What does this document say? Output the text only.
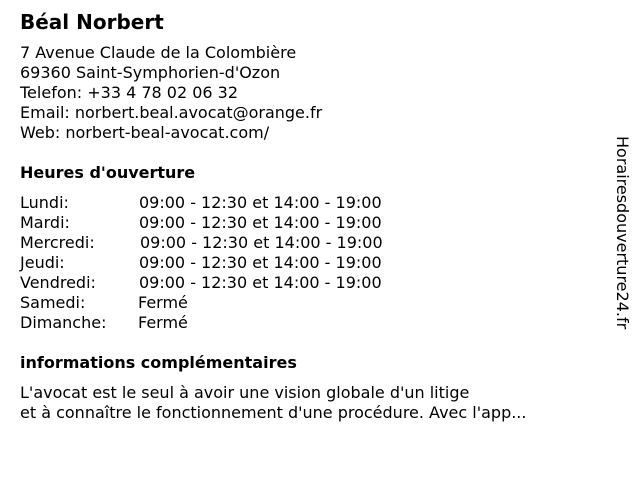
Béal Norbert
7 Avenue Claude de la Colombière
69360 Saint-Symphorien-d'Ozon
Telefon: +33 4 78 02 06 32
Email: norbert.beal.avocat@orange.fr
Web: norbert-beal-avocat.com/
Heures d'ouverture
Lundi:	09:00 - 12:30 et 14:00 - 19:00
Mardi:	09:00 - 12:30 et 14:00 - 19:00
Mercredi:	09:00 - 12:30 et 14:00 - 19:00
Jeudi:	09:00 - 12:30 et 14:00 - 19:00
Vendredi:	09:00 - 12:30 et 14:00 - 19:00
Samedi:	Fermé
Dimanche: Fermé
informations complémentaires
L'avocat est le seul à avoir une vision globale d'un litige
et à connaître le fonctionnement d'une procédure. Avec l'app...
Horairesdouverture24.fr
